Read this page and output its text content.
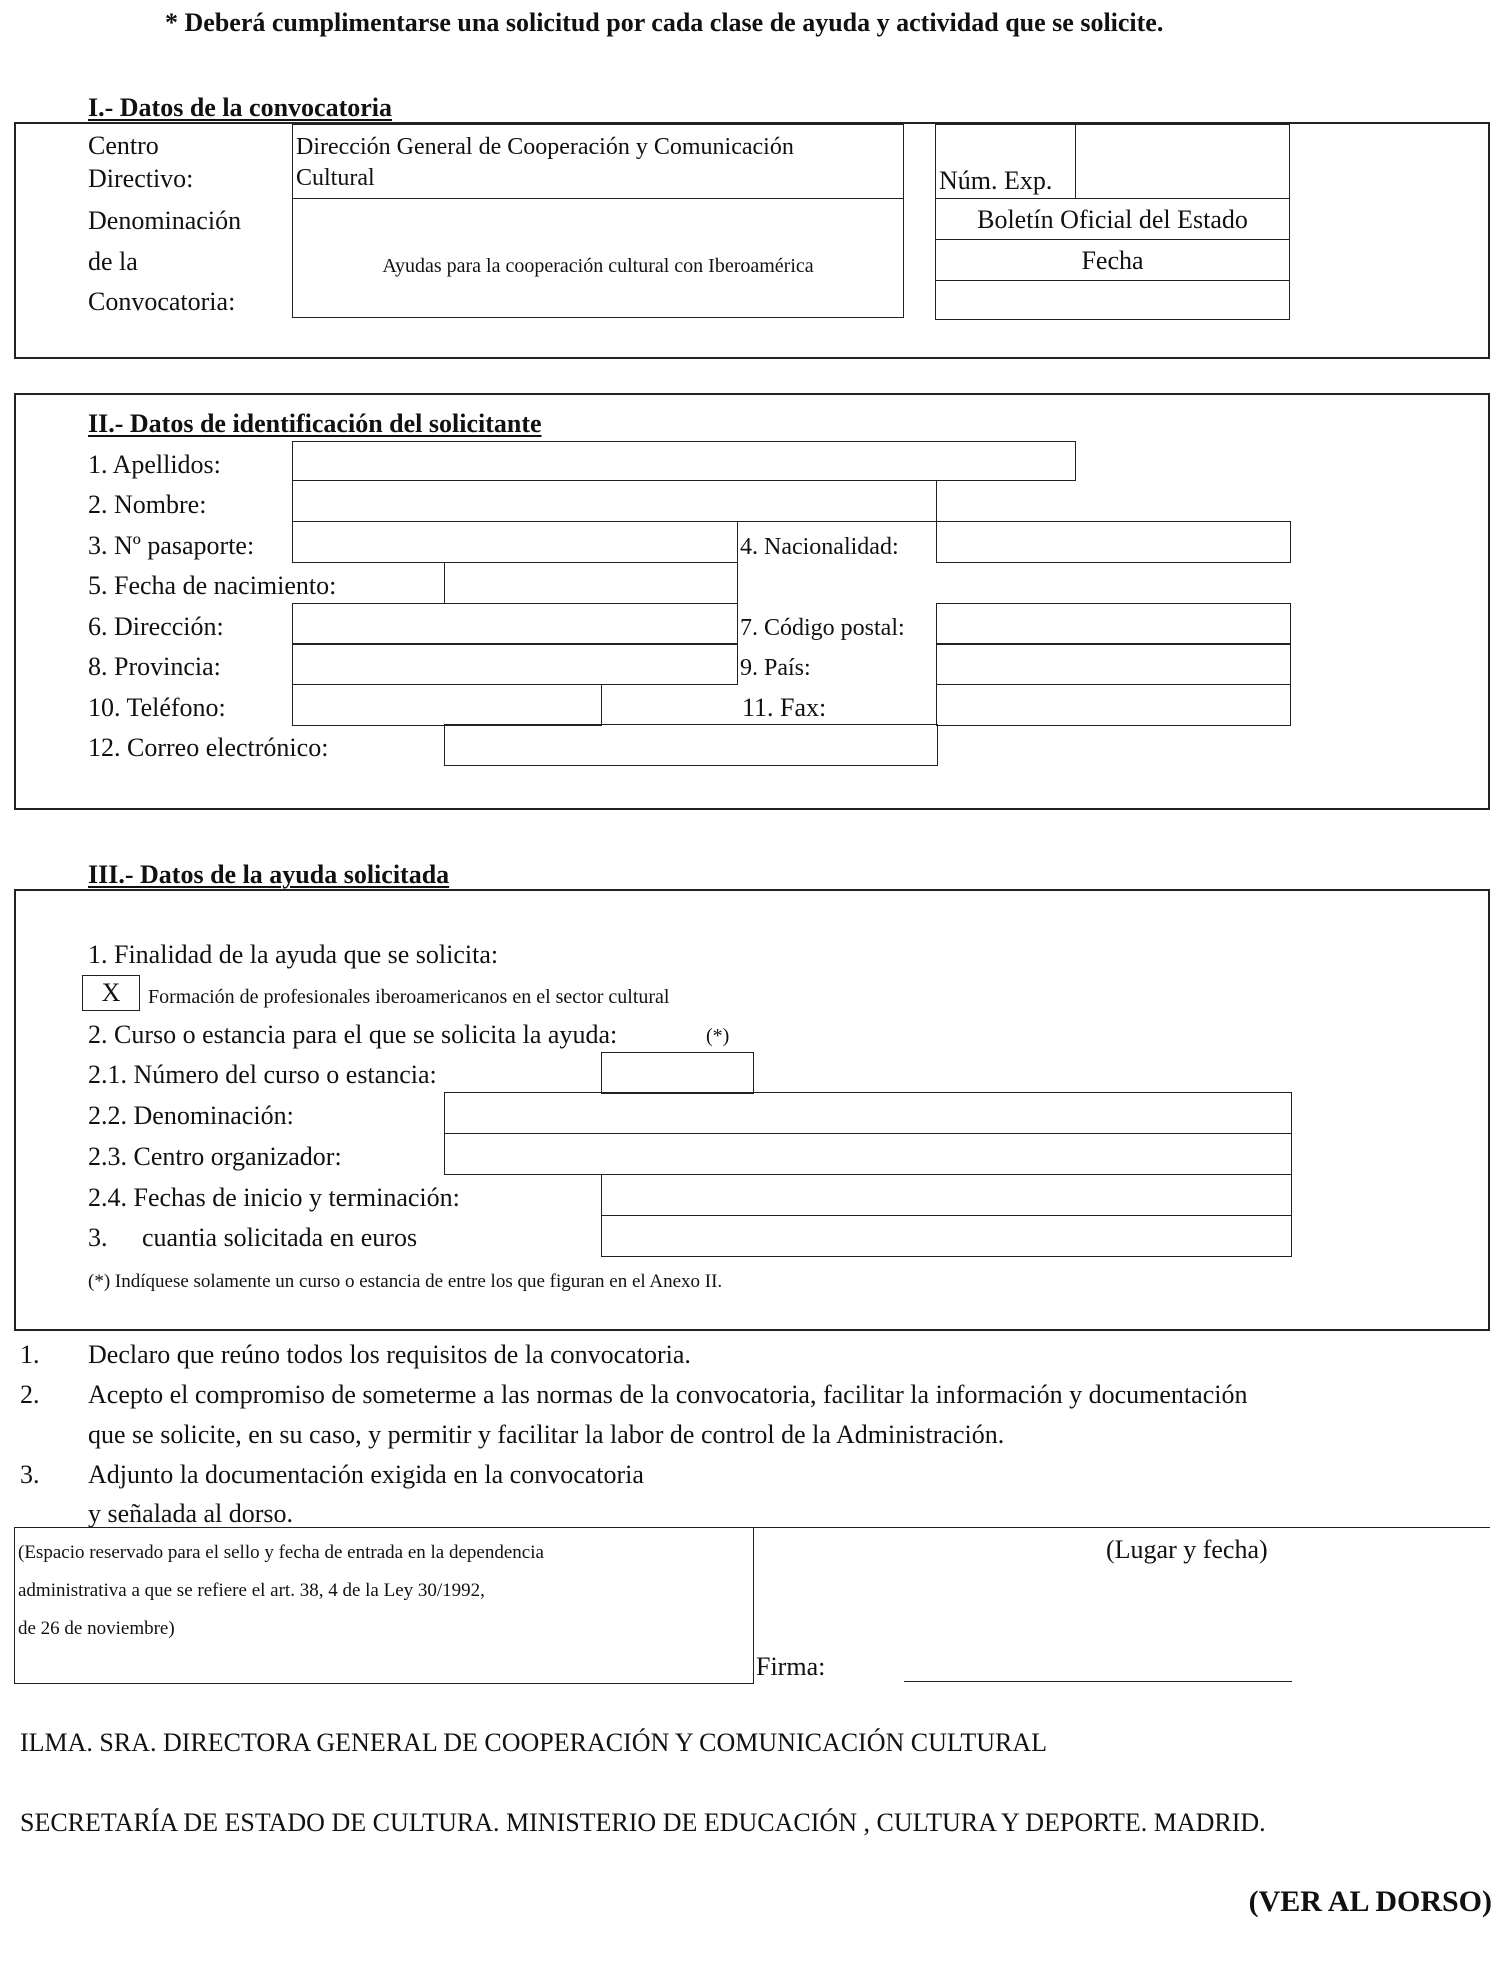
* Deberá cumplimentarse una solicitud por cada clase de ayuda y actividad que se solicite.
I.- Datos de la convocatoria
Centro
Directivo:
Dirección General de Cooperación y Comunicación
Cultural
Denominación
de la
Convocatoria:
Ayudas para la cooperación cultural con Iberoamérica
Núm. Exp.
Boletín Oficial del Estado
Fecha
II.- Datos de identificación del solicitante
1. Apellidos:
2. Nombre:
3. Nº pasaporte:	4. Nacionalidad:
5. Fecha de nacimiento:
6. Dirección:	7. Código postal:
8. Provincia:	9. País:
10. Teléfono:	11. Fax:
12. Correo electrónico:
III.- Datos de la ayuda solicitada
1. Finalidad de la ayuda que se solicita:
X	Formación de profesionales iberoamericanos en el sector cultural
2. Curso o estancia para el que se solicita la ayuda:	(*)
2.1. Número del curso o estancia:
2.2. Denominación:
2.3. Centro organizador:
2.4. Fechas de inicio y terminación:
3. cuantia solicitada en euros
(*) Indíquese solamente un curso o estancia de entre los que figuran en el Anexo II.
1. Declaro que reúno todos los requisitos de la convocatoria.
2. Acepto el compromiso de someterme a las normas de la convocatoria, facilitar la información y documentación
que se solicite, en su caso, y permitir y facilitar la labor de control de la Administración.
3. Adjunto la documentación exigida en la convocatoria
y señalada al dorso.
(Espacio reservado para el sello y fecha de entrada en la dependencia
administrativa a que se refiere el art. 38, 4 de la Ley 30/1992,
de 26 de noviembre)
(Lugar y fecha)
Firma:
ILMA. SRA. DIRECTORA GENERAL DE COOPERACIÓN Y COMUNICACIÓN CULTURAL
SECRETARÍA DE ESTADO DE CULTURA. MINISTERIO DE EDUCACIÓN , CULTURA Y DEPORTE. MADRID.
(VER AL DORSO)
